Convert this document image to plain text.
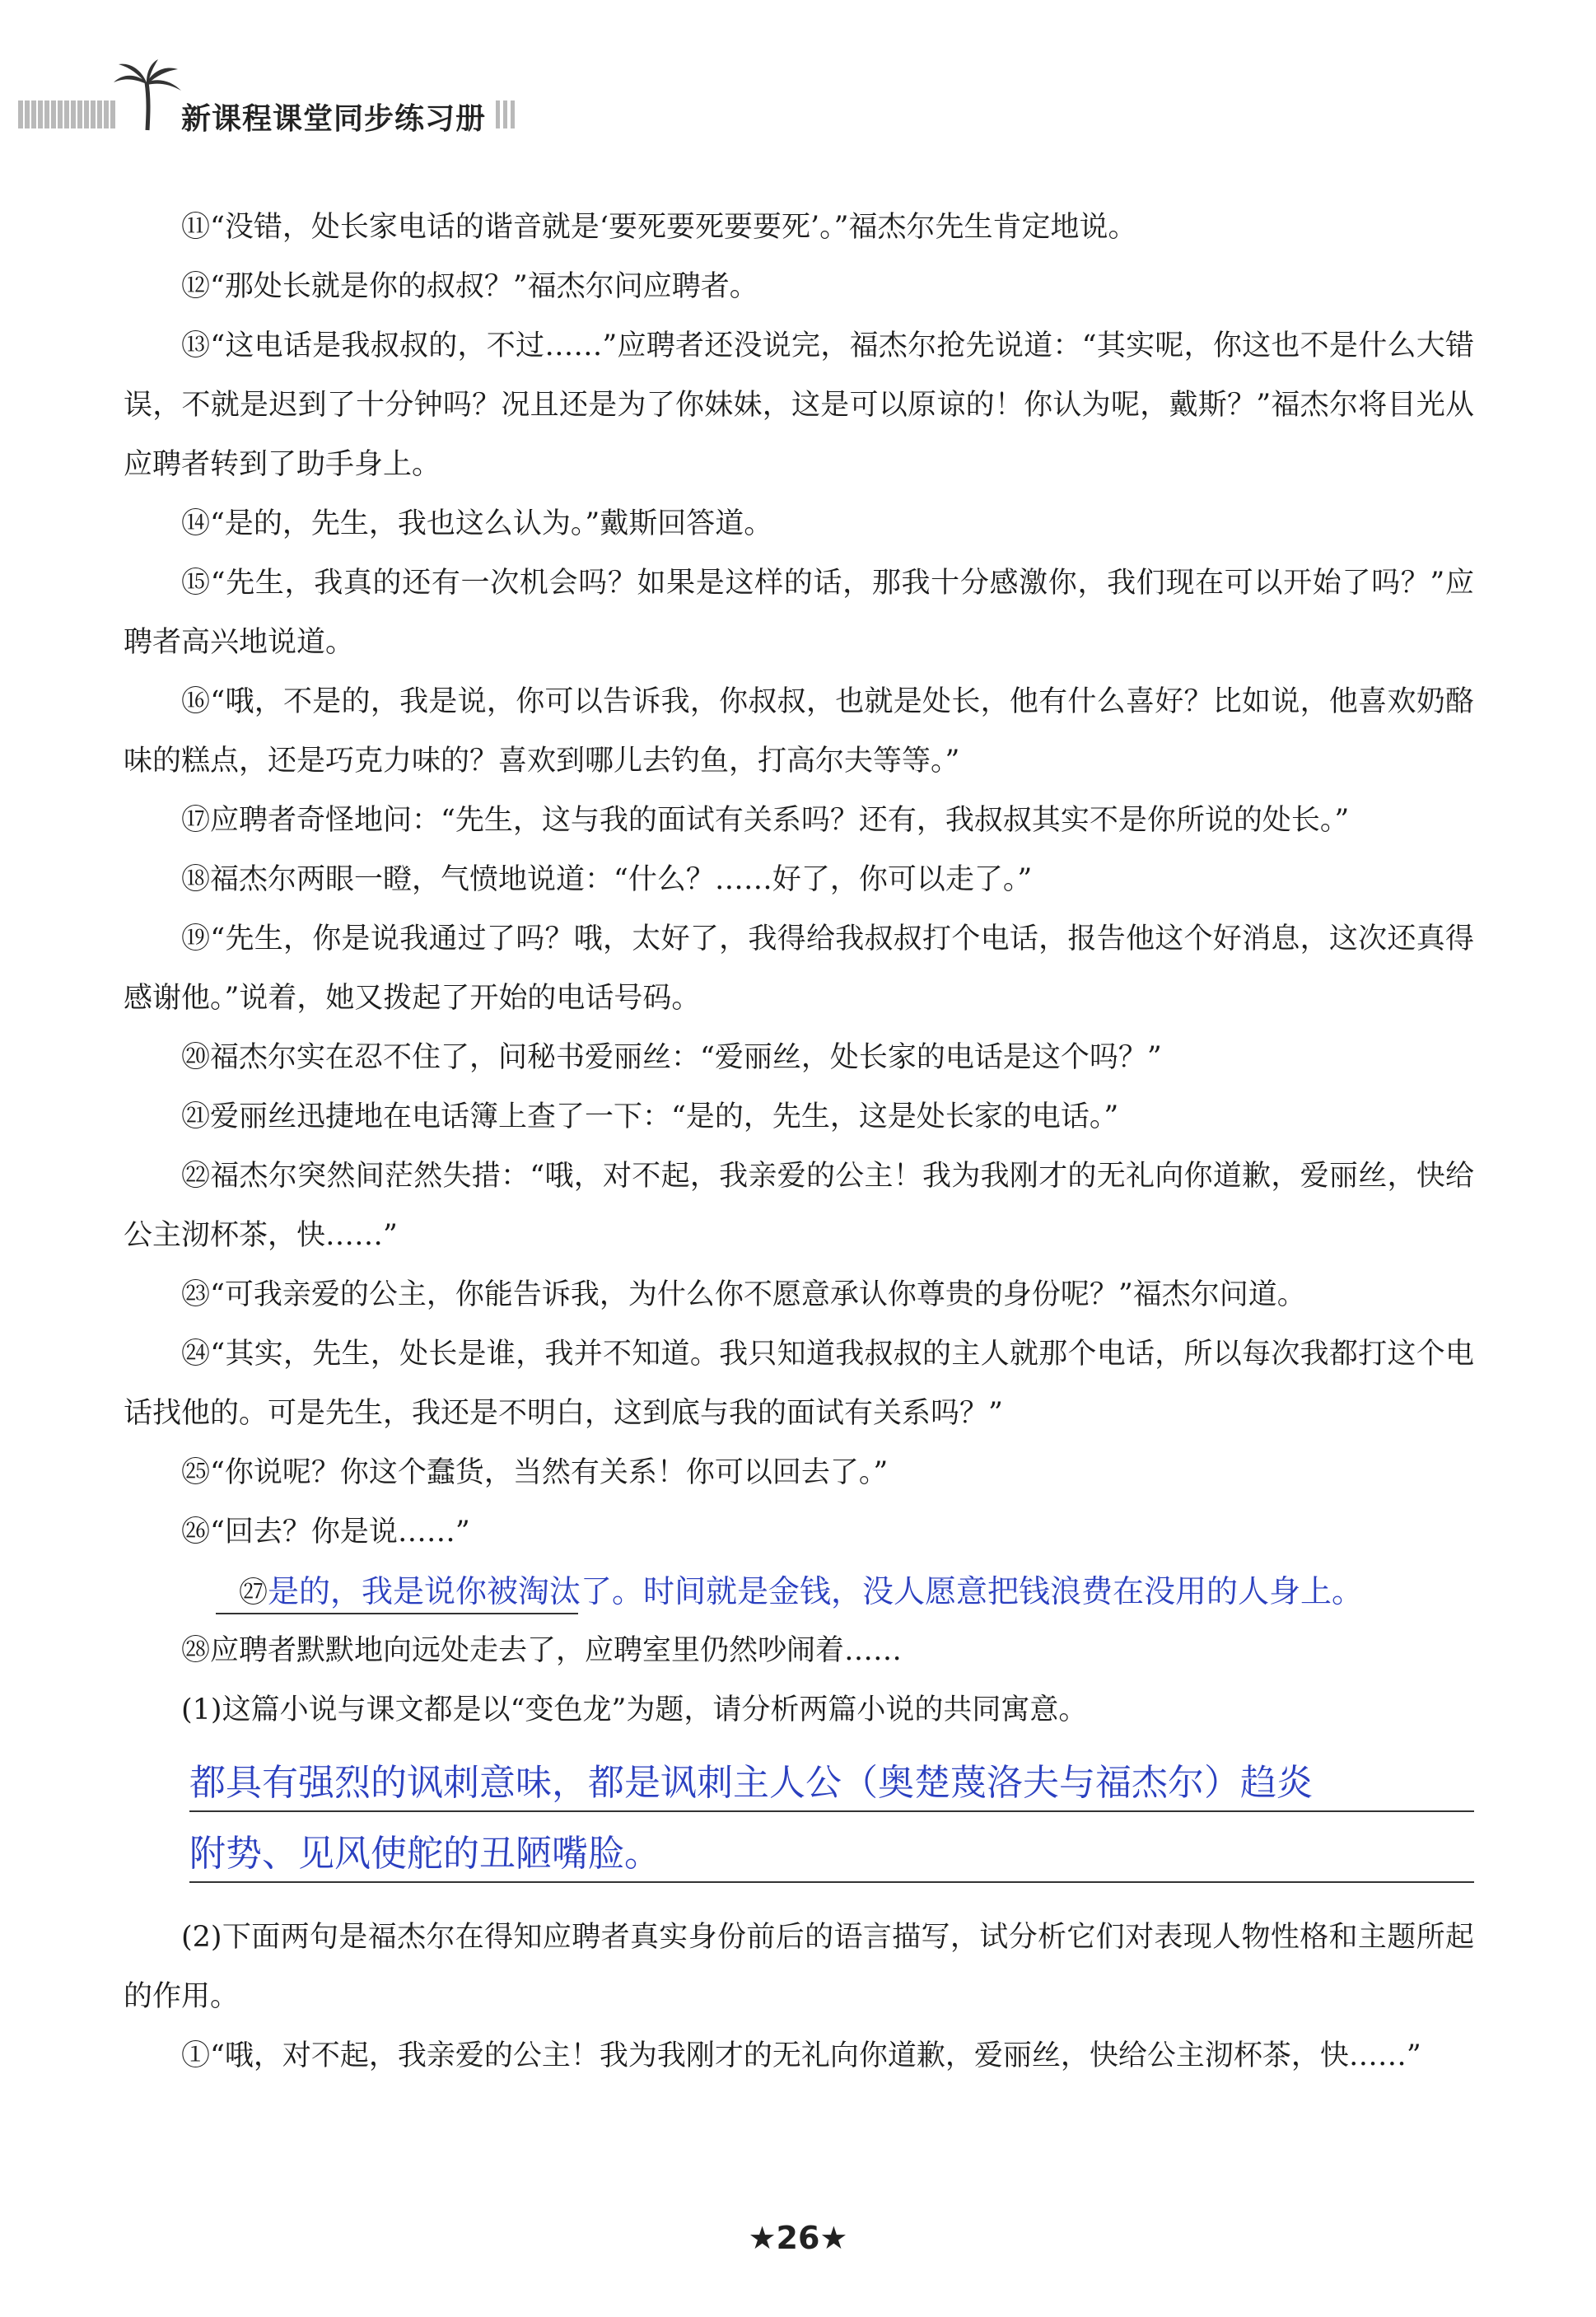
新课程课堂同步练习册

⑪“没错，处长家电话的谐音就是‘要死要死要要死’。”福杰尔先生肯定地说。

⑫“那处长就是你的叔叔？”福杰尔问应聘者。

⑬“这电话是我叔叔的，不过……”应聘者还没说完，福杰尔抢先说道：“其实呢，你这也不是什么大错误，不就是迟到了十分钟吗？况且还是为了你妹妹，这是可以原谅的！你认为呢，戴斯？”福杰尔将目光从应聘者转到了助手身上。

⑭“是的，先生，我也这么认为。”戴斯回答道。

⑮“先生，我真的还有一次机会吗？如果是这样的话，那我十分感激你，我们现在可以开始了吗？”应聘者高兴地说道。

⑯“哦，不是的，我是说，你可以告诉我，你叔叔，也就是处长，他有什么喜好？比如说，他喜欢奶酪味的糕点，还是巧克力味的？喜欢到哪儿去钓鱼，打高尔夫等等。”

⑰应聘者奇怪地问：“先生，这与我的面试有关系吗？还有，我叔叔其实不是你所说的处长。”

⑱福杰尔两眼一瞪，气愤地说道：“什么？……好了，你可以走了。”

⑲“先生，你是说我通过了吗？哦，太好了，我得给我叔叔打个电话，报告他这个好消息，这次还真得感谢他。”说着，她又拨起了开始的电话号码。

⑳福杰尔实在忍不住了，问秘书爱丽丝：“爱丽丝，处长家的电话是这个吗？”

㉑爱丽丝迅捷地在电话簿上查了一下：“是的，先生，这是处长家的电话。”

㉒福杰尔突然间茫然失措：“哦，对不起，我亲爱的公主！我为我刚才的无礼向你道歉，爱丽丝，快给公主沏杯茶，快……”

㉓“可我亲爱的公主，你能告诉我，为什么你不愿意承认你尊贵的身份呢？”福杰尔问道。

㉔“其实，先生，处长是谁，我并不知道。我只知道我叔叔的主人就那个电话，所以每次我都打这个电话找他的。可是先生，我还是不明白，这到底与我的面试有关系吗？”

㉕“你说呢？你这个蠢货，当然有关系！你可以回去了。”

㉖“回去？你是说……”

㉗是的，我是说你被淘汰了。时间就是金钱，没人愿意把钱浪费在没用的人身上。

㉘应聘者默默地向远处走去了，应聘室里仍然吵闹着……

(1)这篇小说与课文都是以“变色龙”为题，请分析两篇小说的共同寓意。

都具有强烈的讽刺意味，都是讽刺主人公（奥楚蔑洛夫与福杰尔）趋炎
附势、见风使舵的丑陋嘴脸。

(2)下面两句是福杰尔在得知应聘者真实身份前后的语言描写，试分析它们对表现人物性格和主题所起的作用。

①“哦，对不起，我亲爱的公主！我为我刚才的无礼向你道歉，爱丽丝，快给公主沏杯茶，快……”

★26★
